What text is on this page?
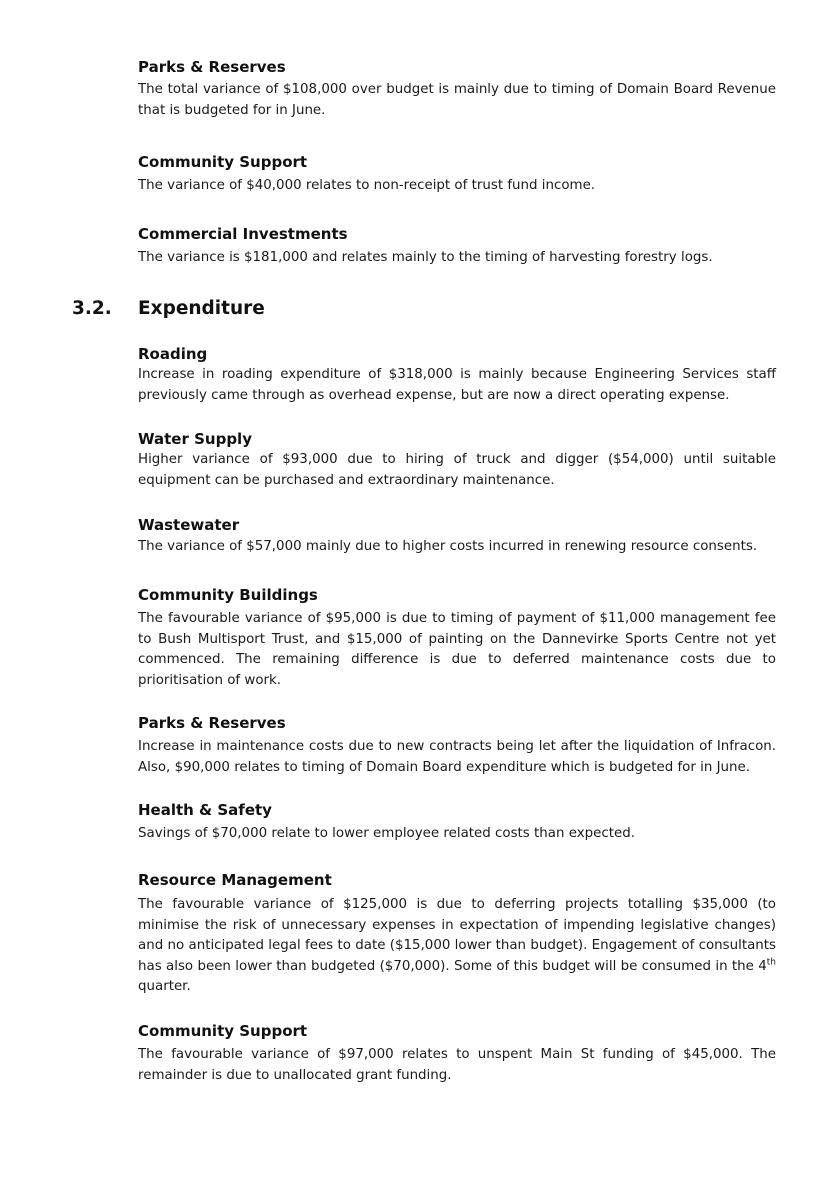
Parks & Reserves

The total variance of $108,000 over budget is mainly due to timing of Domain Board Revenue that is budgeted for in June.

Community Support

The variance of $40,000 relates to non-receipt of trust fund income.

Commercial Investments

The variance is $181,000 and relates mainly to the timing of harvesting forestry logs.

3.2. Expenditure
Roading

Increase in roading expenditure of $318,000 is mainly because Engineering Services staff previously came through as overhead expense, but are now a direct operating expense.

Water Supply

Higher variance of $93,000 due to hiring of truck and digger ($54,000) until suitable equipment can be purchased and extraordinary maintenance.

Wastewater

The variance of $57,000 mainly due to higher costs incurred in renewing resource consents.

Community Buildings

The favourable variance of $95,000 is due to timing of payment of $11,000 management fee to Bush Multisport Trust, and $15,000 of painting on the Dannevirke Sports Centre not yet commenced. The remaining difference is due to deferred maintenance costs due to prioritisation of work.

Parks & Reserves

Increase in maintenance costs due to new contracts being let after the liquidation of Infracon. Also, $90,000 relates to timing of Domain Board expenditure which is budgeted for in June.

Health & Safety

Savings of $70,000 relate to lower employee related costs than expected.

Resource Management

The favourable variance of $125,000 is due to deferring projects totalling $35,000 (to minimise the risk of unnecessary expenses in expectation of impending legislative changes) and no anticipated legal fees to date ($15,000 lower than budget). Engagement of consultants has also been lower than budgeted ($70,000). Some of this budget will be consumed in the 4th quarter.

Community Support

The favourable variance of $97,000 relates to unspent Main St funding of $45,000. The remainder is due to unallocated grant funding.
